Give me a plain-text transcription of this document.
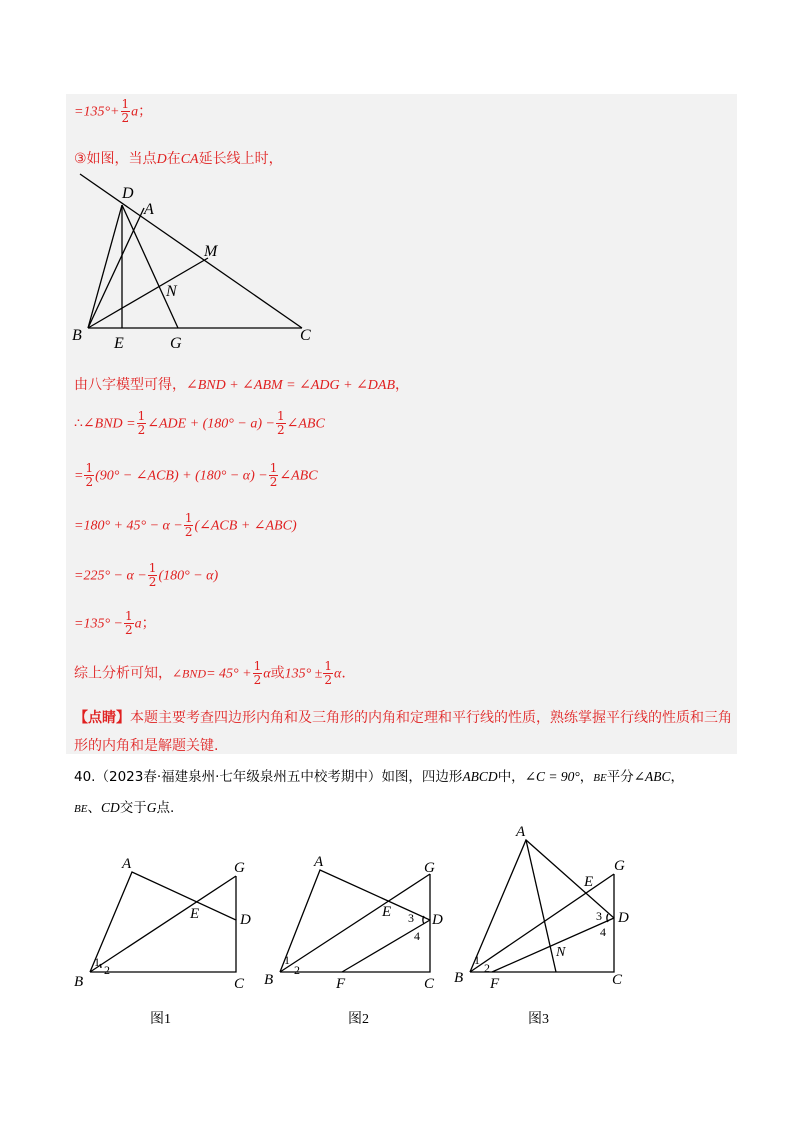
$=135^\circ+ \frac{1}{2}$ a；
③如图，当点D在CA延长线上时，
D
A
M
N
B E	G	C
由八字模型可得，∠BND + ∠ABM = ∠ADG + ∠DAB，
∴∠BND = $\frac{1}{2}$ ∠ADE + $(180^\circ - a) - \frac{1}{2}$ ∠ABC
= $\frac{1}{2} (90^\circ$ − ∠ACB) + $(180^\circ - \alpha) - \frac{1}{2}$ ∠ABC
$=180^\circ + 45^\circ - \alpha - \frac{1}{2}$ (∠ACB + ∠ABC)
$=225^\circ - \alpha - \frac{1}{2} (180^\circ - \alpha)$
$=135^\circ - \frac{1}{2}$ a；
综上分析可知，∠BND= $45^\circ + \frac{1}{2}$ α或$135^\circ \pm \frac{1}{2} \alpha$.
【点睛】本题主要考查四边形内角和及三角形的内角和定理和平行线的性质，熟练掌握平行线的性质和三角形的内角和是解题关键.
40.（2023春·福建泉州·七年级泉州五中校考期中）如图，四边形ABCD中，∠C = 90°，BE平分∠ABC，
BE、CD交于G点.
A	G
E	D
B	C
1
2
图1
A	G
E	D
3
4
B	F	C
1
2
图2
A
G
E
D
3
4
N
B F	C
1
2
图3
